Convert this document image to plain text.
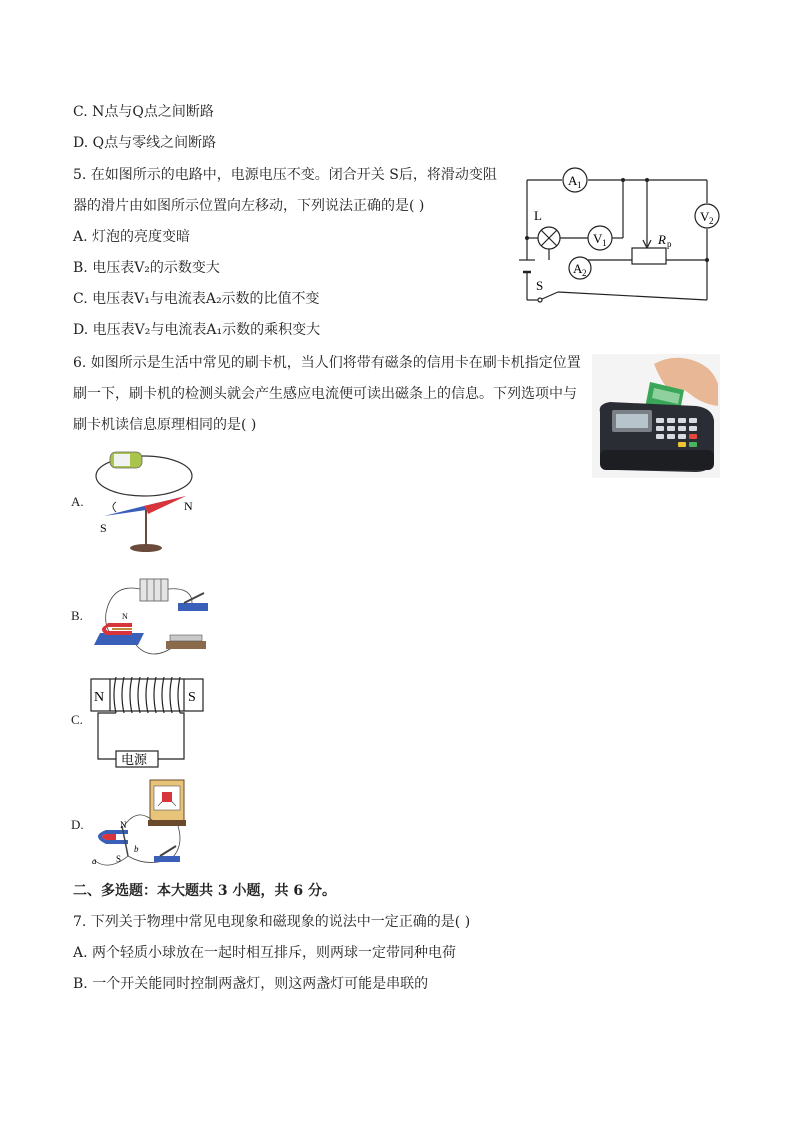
C. N点与Q点之间断路
D. Q点与零线之间断路
5. 在如图所示的电路中，电源电压不变。闭合开关 S后，将滑动变阻
器的滑片由如图所示位置向左移动，下列说法正确的是( )
A. 灯泡的亮度变暗
B. 电压表V₂的示数变大
C. 电压表V₁与电流表A₂示数的比值不变
D. 电压表V₂与电流表A₁示数的乘积变大
A 1
V 1
V 2
A 2
L
S
R p
6. 如图所示是生活中常见的刷卡机，当人们将带有磁条的信用卡在刷卡机指定位置
刷一下，刷卡机的检测头就会产生感应电流便可读出磁条上的信息。下列选项中与
刷卡机读信息原理相同的是( )
A.	N
S
B.	N
C.
N	S
电源
D.	N
S
a
b
二、多选题：本大题共 3 小题，共 6 分。
7. 下列关于物理中常见电现象和磁现象的说法中一定正确的是( )
A. 两个轻质小球放在一起时相互排斥，则两球一定带同种电荷
B. 一个开关能同时控制两盏灯，则这两盏灯可能是串联的
